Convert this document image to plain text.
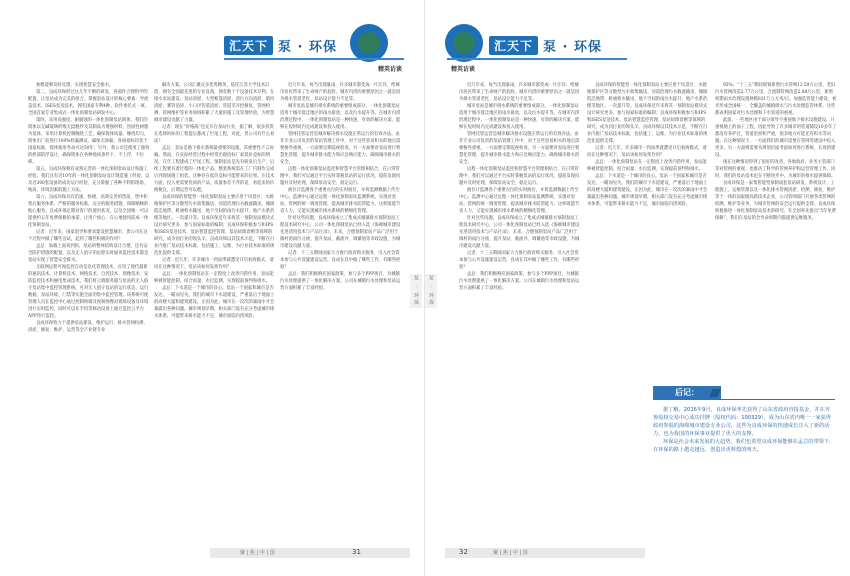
汇天下 泵 · 环保
精英访谈

参数能够及时反馈，实现智慧安全排水。

第二，良成环保经过这几年不断的研发，各部件合理科学的配置，让泵站成为完美的组合。掌握泵站设计的核心要素：导流盖技术、ISES泵送技术，拥有国家专利4种。软件委托式一项，全国首家专业集成式一体化预制泵站研发中心。

第四，采用高强度、耐腐蚀的一体化预制泵站筒体，我们的筒体以无碱玻璃纤维无捻粗纱及其制品为增强材料，热固性树脂为基体，采用计算机控制缠绕工艺，确保筒体质量。缠绕均匀，筒体出厂前进行100%检漏测试，确保无渗漏；各项指标均优于国家标准，筒体使用寿命可达50年；另外，我公司还使用了独特的底部防浮设计，确保筒体在各种地质条件下，不上浮，不位移。

第五，良成环保拥有成熟完善的一体化预制泵站设计和施工经验。我们具有近10年的一体化预制泵站设计制造施工经验，以及近300套设备的成功运行经验，充分掌握了各种不利的现场、地质、环境因素的施工方法。

第六，良成环保具有迅速、快捷、高效完善的售前、售中和售后服务体系，严格的服务标准，充分的服务措施、保障顺畅的贴心服务。良成环保定期对客户的使用状况，以及全国唯一可以提供约五年免费保修的承诺，让用户放心，在心地使用前成一体化预制泵站。

记者：近年来，国家倡导和要求建设智慧城市，贵公司在这个过程中做了哪些尝试，起到了哪些积极的作用？

孟总：加载上面说到的，泵站的整体结构设计合理，还有安全防护措施的配置，以及无人值守的远程实时通讯监控技术都是泵站实现了智慧安全排水。

互联网远程可视监控自动信息化管理技术，应用了现代最新的通讯技术、计算机技术、网络技术、自控技术、图像技术、安防监控技术和丽电集成技术，我们将云端服务器与泵站的无人值守泵站集中监控管理系统，可对无人值守泵站的运行状态、运行数据、泵站环境、门禁等实施全面的集中监控管理。该系统可使管理人员在监控中心通过控制终端及视频图像对现场设备及环境进行实时监控，同时可以在手机等移动设备上通过监控云平台APP进行监控。

良成环保致力于提供泵站建设、维护运行、排水管网检测、清淤、修复、维护、运营等全产业链专业

解决方案。公司汇聚众多优秀精英，依托江苏大学技术后盾，拥有全国最先进的专业设备，拥有数十个设备技术专利，在排水泵站建设、泵站清淤、大型帐篷清淤、清污方向清淤、暗河清淤、雾管消涛、小口径管道清淤、管道非开挖修复、管网检测、管网维护等业务领域积累了大量的施工及管理经验，为智慧城市建设贡献了力量。

记者：现在“价格战”也充斥在泵站行业，据了解，很多投资在选择的标的工程提后都成了烂尾工程，对此，贵公司有什么看法？

孟总：泵站是地下排水系统最重要的设施，其重要性不言而喻。然而，在实际经营过程中经常出现投标厂家低价竞标的情况，在年工程建成了烂尾工程。预制泵站是先有研发后生产，后续工程要有着过程的一体化产品，整套系统需在工厂内制作完成后到现场施工组装。这种存在低价竞标可能带来的后果。在技术方面，投入更需要优质的产品，质量参差不齐的话，看起来的价格便宜，后期运营可以吧。

良成环保的智能型一体化预制泵站主要应用于风景区、水源地保护区等分散型污水收集输送、河道治理污水截流输送、城镇低洼地带、桥涵积水输送、地下空间的雨污水提升、地产水系治理等地区。一次提升等。良成环保近年来将其一预制泵站模块式设计研究更多，参与国家标准的编制；良成环保积极参与和IPS和ISES泵送技术、泵站智慧监控管理、泵站故障诊断等领域的研究，成为同行业的领头羊。良成环保以其技术示范，不断在行业内推广泵站技术标准，包括施工、运维，为行业技术标准的规范化提供支撑。

记者：近几年，许多城市一到雨季就遭受开启看海模式，请问在这种情况下，泵站该如何发挥作用？

孟总：一体化预制泵站在一定程度上改善内涝作用，泵站能够被智能控制，结合雨量、水位监测，实现提前预判和排水。

孟总：下水道是一个城市的良心。泵站一个国家和城市是否发达、一瞄而见失。我们的城市下水道建设，严重落后于地面上的高楼大厦和建筑建设，正因为此，城市在一次次的暴雨中才会暴露出各种问题。城市规划早期，相关部门没有充分考虑城市排水体系，可能带来排水能力不足，城市面临内涝风险。

近几年来，每当出现暴雨，许多城市都变成一片汪洋，给城市居民带来了生命财产的危险。城市内涝的重要原因之一就是因为排水管道老化、泵站设计能力不足等。

城市泵站是城市排水系统的重要组成部分。一体化预制泵站适用于城市低洼地区的雨水排放，以及污水提升等。在城市内涝治理过程中，一体化预制泵站是一种快速、有效的解决方案，能够在短时间内完成建设和投入使用。

管网托管运营是城市解决排水设施正常运行的有效办法。由非专业公司负责的泵站管理工作中，对于这些容易积水的地点需要格外重视，一方面要定期巡视检查，另一方面要对泵站进行智慧化管理，提升城市排水能力和应急响应能力，确保城市排水的安全。

远程一体化预制泵站监控和智慧平台管理相结合，在日常管理中，我们可以通过平台实时掌握泵站的运行状况，提前发现问题并及时处理，保障泵站安全、稳定运行。

液位计监测各个重要点位的实时液位，并将监测数据上传至中心。监测中心通过远程一体化预制泵站监测系统，实现对泵站、管网的统一调度管理，提高城市排水防涝能力。这样既能节省人力，又能实现城市排水系统的精细化管理。

针对这些问题，良成环保成立了集成式城镇排水预制泵站工程技术研究中心，公司一体化预制泵站已经入选《海绵城市建设先进适用技术与产品目录》，未来，合德预制泵站产品广泛用于镇村的雨污分流、提升泵站、截流井、调蓄池等市政设施，为城市建设贡献力量。

记者：十三五期间国家大力推行政府购买服务，引入社会资本参与公共设施建设运营，良成在其中做了哪些工作，有哪些经验？

孟总：我们积极响应国家政策，参与多个PPP项目，为城镇污水处理提供了一体化解决方案。公司在城镇污水处理和泵站运营方面积累了丰富经验。	泵 · 环保
聚 | 焦 | 中 | 国	31
汇天下 泵 · 环保
精英访谈
泵 · 环保

近几年来，每当出现暴雨，许多城市都变成一片汪洋，给城市居民带来了生命财产的危险。城市内涝的重要原因之一就是因为排水管道老化、泵站设计能力不足等。

城市泵站是城市排水系统的重要组成部分。一体化预制泵站适用于城市低洼地区的雨水排放，以及污水提升等。在城市内涝治理过程中，一体化预制泵站是一种快速、有效的解决方案，能够在短时间内完成建设和投入使用。

管网托管运营是城市解决排水设施正常运行的有效办法。由非专业公司负责的泵站管理工作中，对于这些容易积水的地点需要格外重视，一方面要定期巡视检查，另一方面要对泵站进行智慧化管理，提升城市排水能力和应急响应能力，确保城市排水的安全。

远程一体化预制泵站监控和智慧平台管理相结合，在日常管理中，我们可以通过平台实时掌握泵站的运行状况，提前发现问题并及时处理，保障泵站安全、稳定运行。

液位计监测各个重要点位的实时液位，并将监测数据上传至中心。监测中心通过远程一体化预制泵站监测系统，实现对泵站、管网的统一调度管理，提高城市排水防涝能力。这样既能节省人力，又能实现城市排水系统的精细化管理。

针对这些问题，良成环保成立了集成式城镇排水预制泵站工程技术研究中心，公司一体化预制泵站已经入选《海绵城市建设先进适用技术与产品目录》，未来，合德预制泵站产品广泛用于镇村的雨污分流、提升泵站、截流井、调蓄池等市政设施，为城市建设贡献力量。

记者：十三五期间国家大力推行政府购买服务，引入社会资本参与公共设施建设运营，良成在其中做了哪些工作，有哪些经验？

孟总：我们积极响应国家政策，参与多个PPP项目，为城镇污水处理提供了一体化解决方案。公司在城镇污水处理和泵站运营方面积累了丰富经验。

良成环保的智能型一体化预制泵站主要应用于风景区、水源地保护区等分散型污水收集输送、河道治理污水截流输送、城镇低洼地带、桥涵积水输送、地下空间的雨污水提升、地产水系治理等地区。一次提升等。良成环保近年来将其一预制泵站模块式设计研究更多，参与国家标准的编制；良成环保积极参与和IPS和ISES泵送技术、泵站智慧监控管理、泵站故障诊断等领域的研究，成为同行业的领头羊。良成环保以其技术示范，不断在行业内推广泵站技术标准，包括施工、运维，为行业技术标准的规范化提供支撑。

记者：近几年，许多城市一到雨季就遭受开启看海模式，请问在这种情况下，泵站该如何发挥作用？

孟总：一体化预制泵站在一定程度上改善内涝作用，泵站能够被智能控制，结合雨量、水位监测，实现提前预判和排水。

孟总：下水道是一个城市的良心。泵站一个国家和城市是否发达、一瞄而见失。我们的城市下水道建设，严重落后于地面上的高楼大厦和建筑建设，正因为此，城市在一次次的暴雨中才会暴露出各种问题。城市规划早期，相关部门没有充分考虑城市排水体系，可能带来排水能力不足，城市面临内涝风险。

95%；“十三五”期间规划新增污水管网12.59万公里、老旧污水管网改造2.77万公里，合流制管网改造2.88万公里，新增初期雨水治理设施规模831万立方米/日。加强监管能力建设，初步形成全国统一、全覆盖的城镇排水与污水处理监管体系，这些都表明国家对污水处理和下水管道的重视。

此前，一些地区由于部分领导不重视地下排水设施建设，只重视地上的面子工程，因此导致了许多城市的管道铺设10多年了都没有养护过，管道里淤积严重，很多地方可能还有积水等问题。在这种情况下，一方面我们的城市需要在管网等建设中投入更多，另一方面则需要从规划层面考虑如何进行系统、长效的建设。

现在这种情况得到了很好的改善。各地政府、业务主管部门等对管网的重视，也推动了科学的管网养护和运营管理工作。同时，我们的泵站技术也在不断进步中，为城市的排水提供保障。

良成环保是一家集智能型预制成套泵站研发、系统设计、工程施工、运维管理以及一体化排水管网清淤、检测、修复、维护等于一体的国家级高新技术企业，公司管网部门开展各类管网的检测、维护等业务，为城市管网的安全运行提供支撑。良成环保积极推进一体化预制泵站技术的研究，在全国率先推出“5年免费保修”，我们在泵站的全寿命周期内都提供运维服务。

后记：

据了解，2016年9月，良成环保率先获得了山东省政府直投基金，并在齐鲁股权交易中心成功挂牌（股权代码：100329），成为山东省内唯一一家获得政府参股的海绵城市建设专业公司，这些为良成环保的快速成长注入了新的活力，也为我国的环保事业提供了更大的支撑。

环保是社会未来发展的大趋势，我们也希望良成环保能够在孟总的带领下，在环保的路上越走越远、创造出更辉煌的明天。

32	聚 | 焦 | 中 | 国
